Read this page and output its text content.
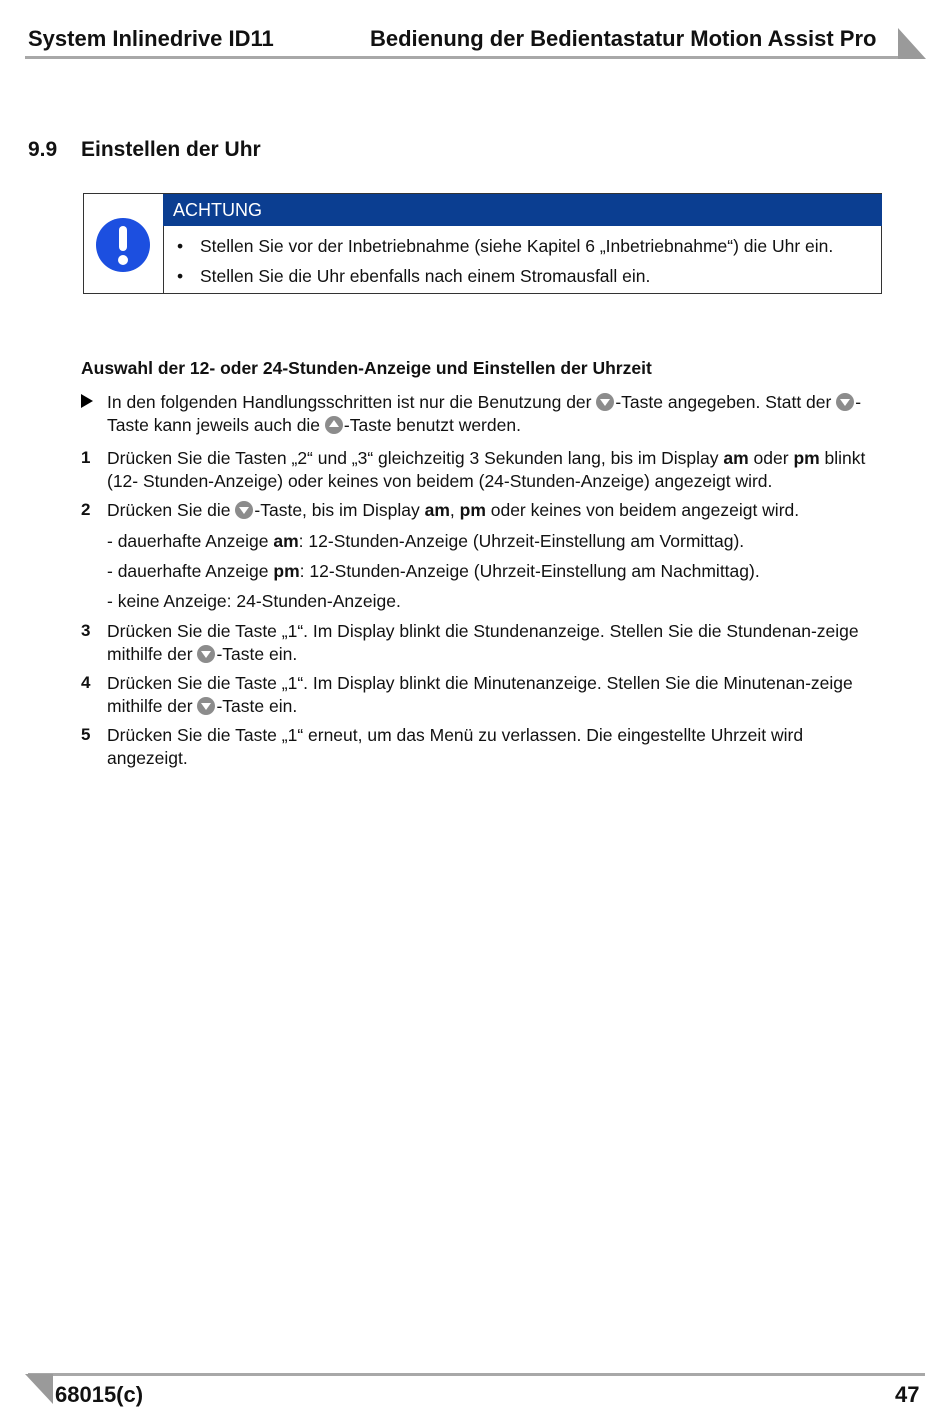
System Inlinedrive ID11	Bedienung der Bedientastatur Motion Assist Pro
9.9 Einstellen der Uhr
ACHTUNG
• Stellen Sie vor der Inbetriebnahme (siehe Kapitel 6 „Inbetriebnahme“) die Uhr ein.
• Stellen Sie die Uhr ebenfalls nach einem Stromausfall ein.
Auswahl der 12- oder 24-Stunden-Anzeige und Einstellen der Uhrzeit
In den folgenden Handlungsschritten ist nur die Benutzung der -Taste angegeben. Statt der -Taste kann jeweils auch die -Taste benutzt werden.
1 Drücken Sie die Tasten „2“ und „3“ gleichzeitig 3 Sekunden lang, bis im Display am oder pm blinkt (12- Stunden-Anzeige) oder keines von beidem (24-Stunden-Anzeige) angezeigt wird.
2 Drücken Sie die -Taste, bis im Display am, pm oder keines von beidem angezeigt wird.
- dauerhafte Anzeige am: 12-Stunden-Anzeige (Uhrzeit-Einstellung am Vormittag).
- dauerhafte Anzeige pm: 12-Stunden-Anzeige (Uhrzeit-Einstellung am Nachmittag).
- keine Anzeige: 24-Stunden-Anzeige.
3 Drücken Sie die Taste „1“. Im Display blinkt die Stundenanzeige. Stellen Sie die Stundenan-zeige mithilfe der -Taste ein.
4 Drücken Sie die Taste „1“. Im Display blinkt die Minutenanzeige. Stellen Sie die Minutenan-zeige mithilfe der -Taste ein.
5 Drücken Sie die Taste „1“ erneut, um das Menü zu verlassen. Die eingestellte Uhrzeit wird angezeigt.
68015(c)	47
